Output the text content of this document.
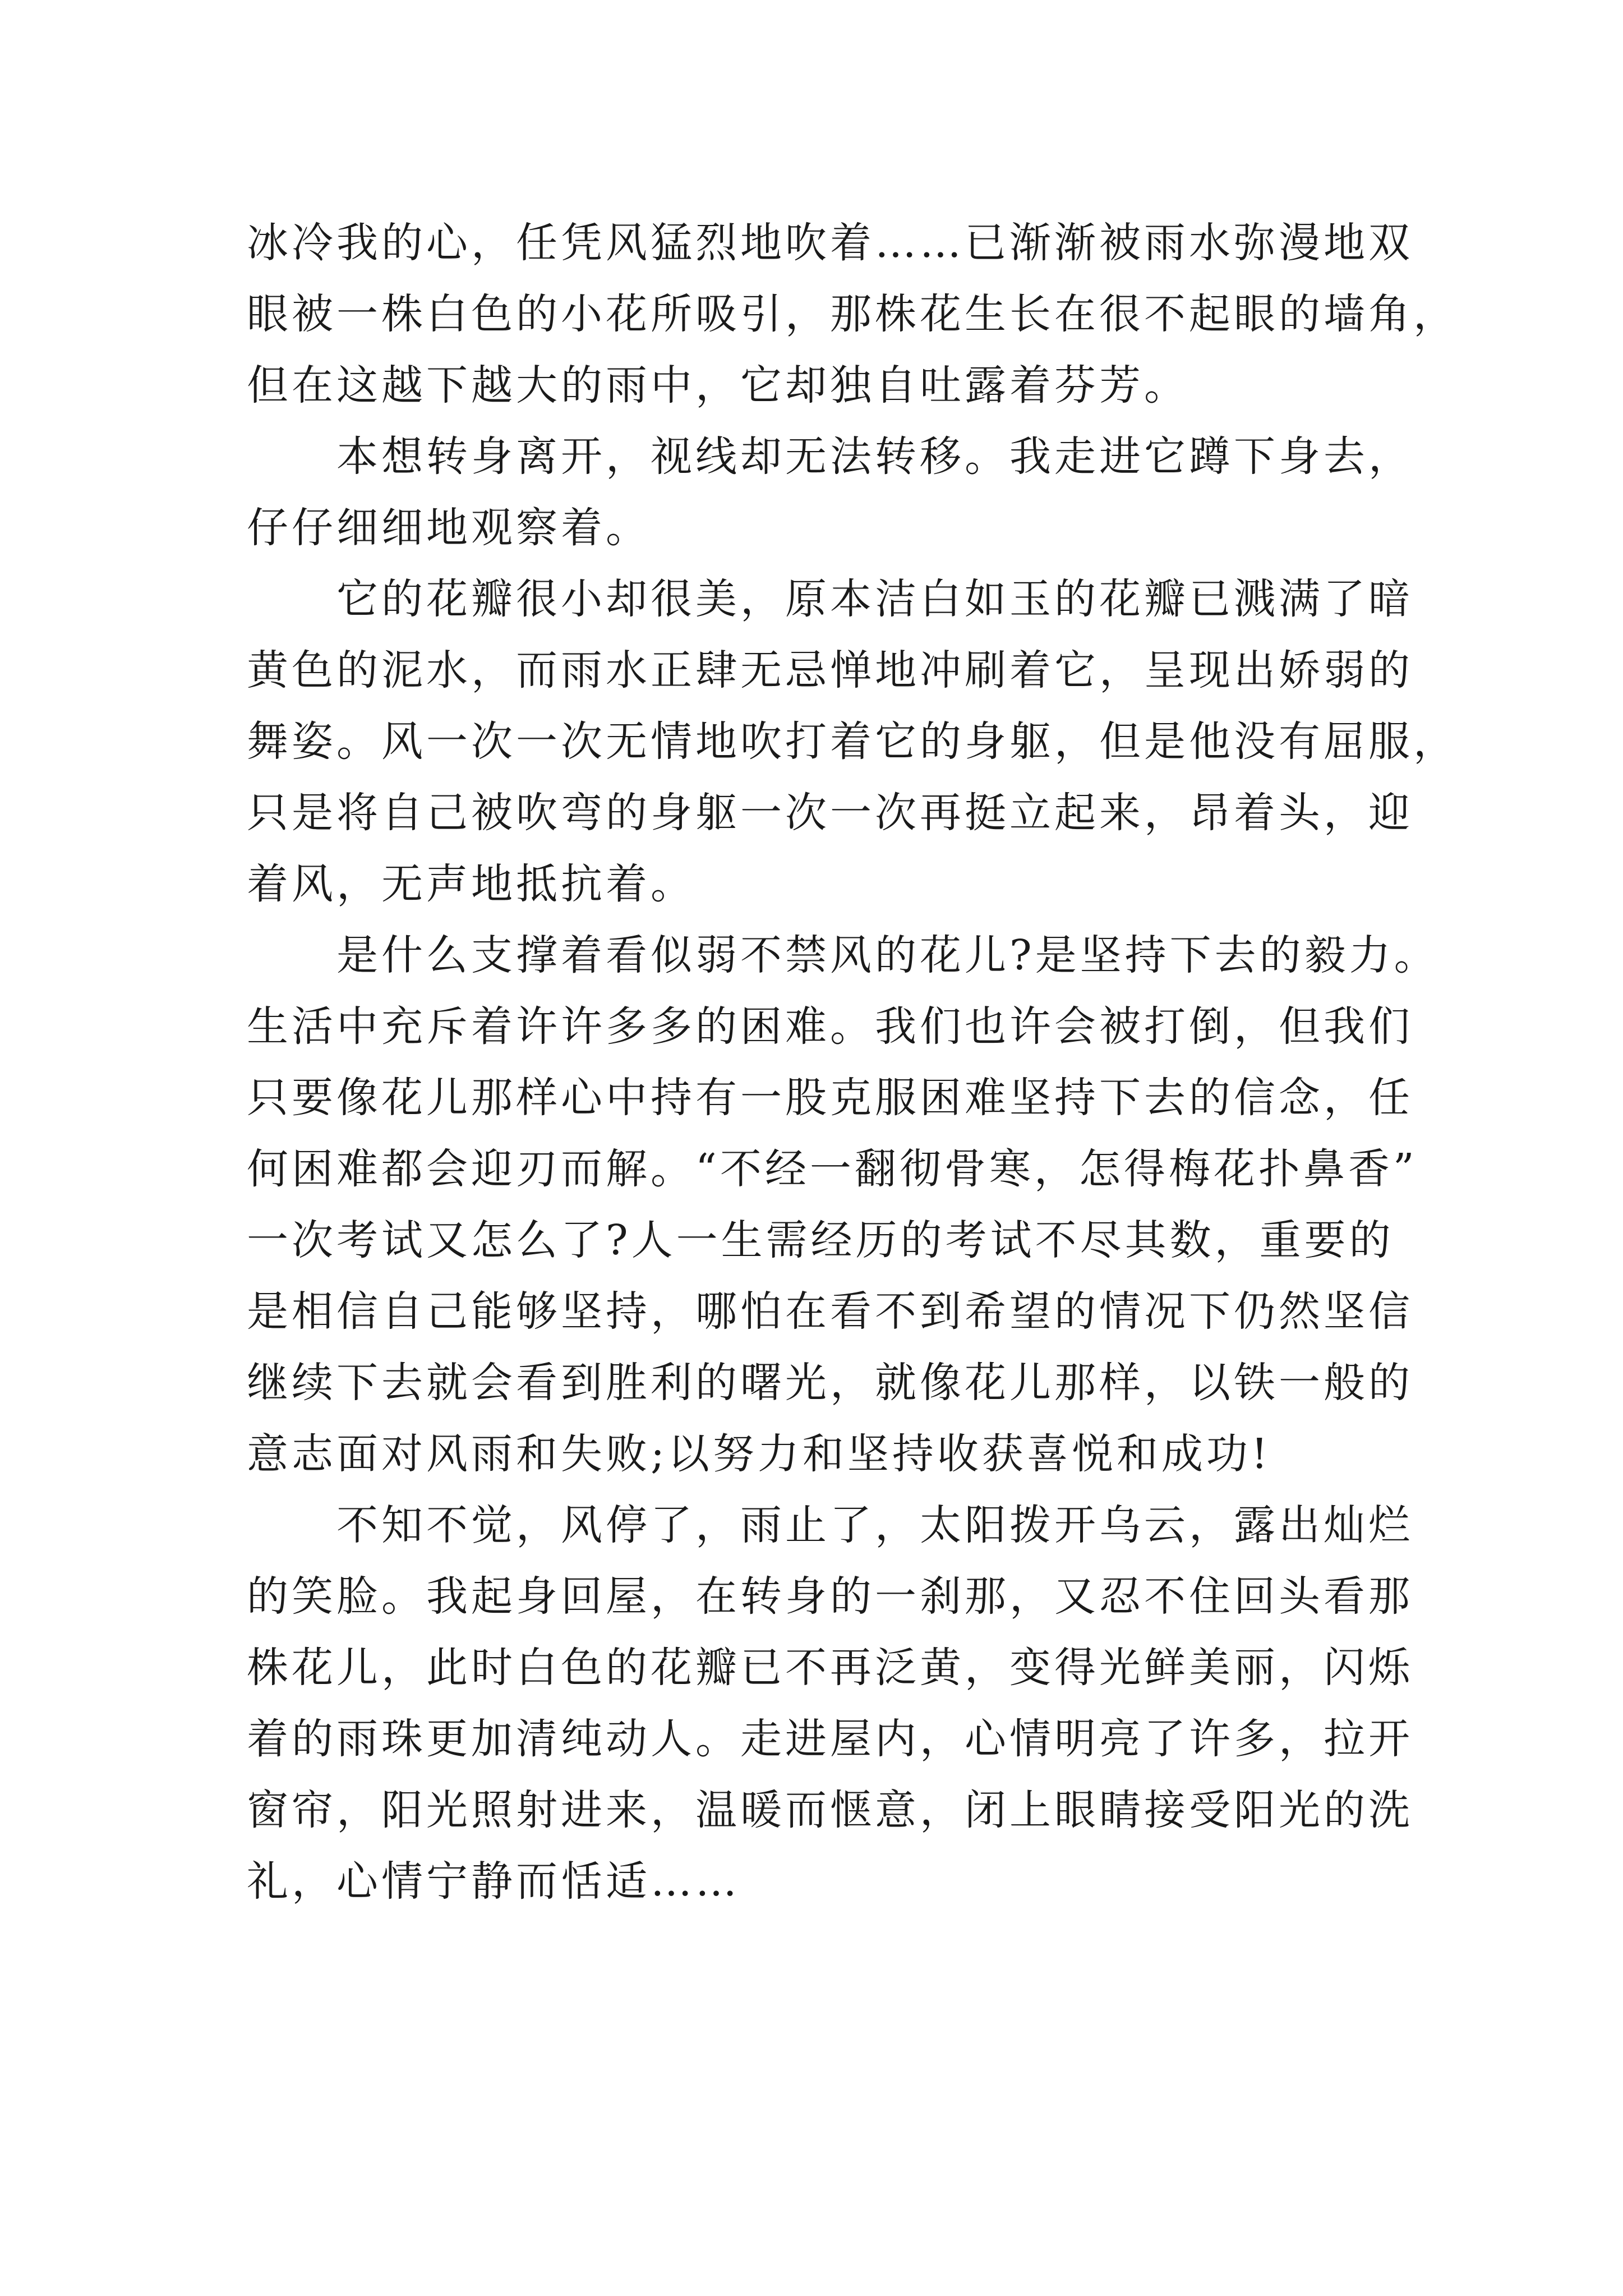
冰冷我的心，任凭风猛烈地吹着……已渐渐被雨水弥漫地双
眼被一株白色的小花所吸引，那株花生长在很不起眼的墙角，
但在这越下越大的雨中，它却独自吐露着芬芳。
本想转身离开，视线却无法转移。我走进它蹲下身去，
仔仔细细地观察着。
它的花瓣很小却很美，原本洁白如玉的花瓣已溅满了暗
黄色的泥水，而雨水正肆无忌惮地冲刷着它，呈现出娇弱的
舞姿。风一次一次无情地吹打着它的身躯，但是他没有屈服，
只是将自己被吹弯的身躯一次一次再挺立起来，昂着头，迎
着风，无声地抵抗着。
是什么支撑着看似弱不禁风的花儿?是坚持下去的毅力。
生活中充斥着许许多多的困难。我们也许会被打倒，但我们
只要像花儿那样心中持有一股克服困难坚持下去的信念，任
何困难都会迎刃而解。“不经一翻彻骨寒，怎得梅花扑鼻香”
一次考试又怎么了?人一生需经历的考试不尽其数，重要的
是相信自己能够坚持，哪怕在看不到希望的情况下仍然坚信
继续下去就会看到胜利的曙光，就像花儿那样，以铁一般的
意志面对风雨和失败;以努力和坚持收获喜悦和成功!
不知不觉，风停了，雨止了，太阳拨开乌云，露出灿烂
的笑脸。我起身回屋，在转身的一刹那，又忍不住回头看那
株花儿，此时白色的花瓣已不再泛黄，变得光鲜美丽，闪烁
着的雨珠更加清纯动人。走进屋内，心情明亮了许多，拉开
窗帘，阳光照射进来，温暖而惬意，闭上眼睛接受阳光的洗
礼，心情宁静而恬适……
